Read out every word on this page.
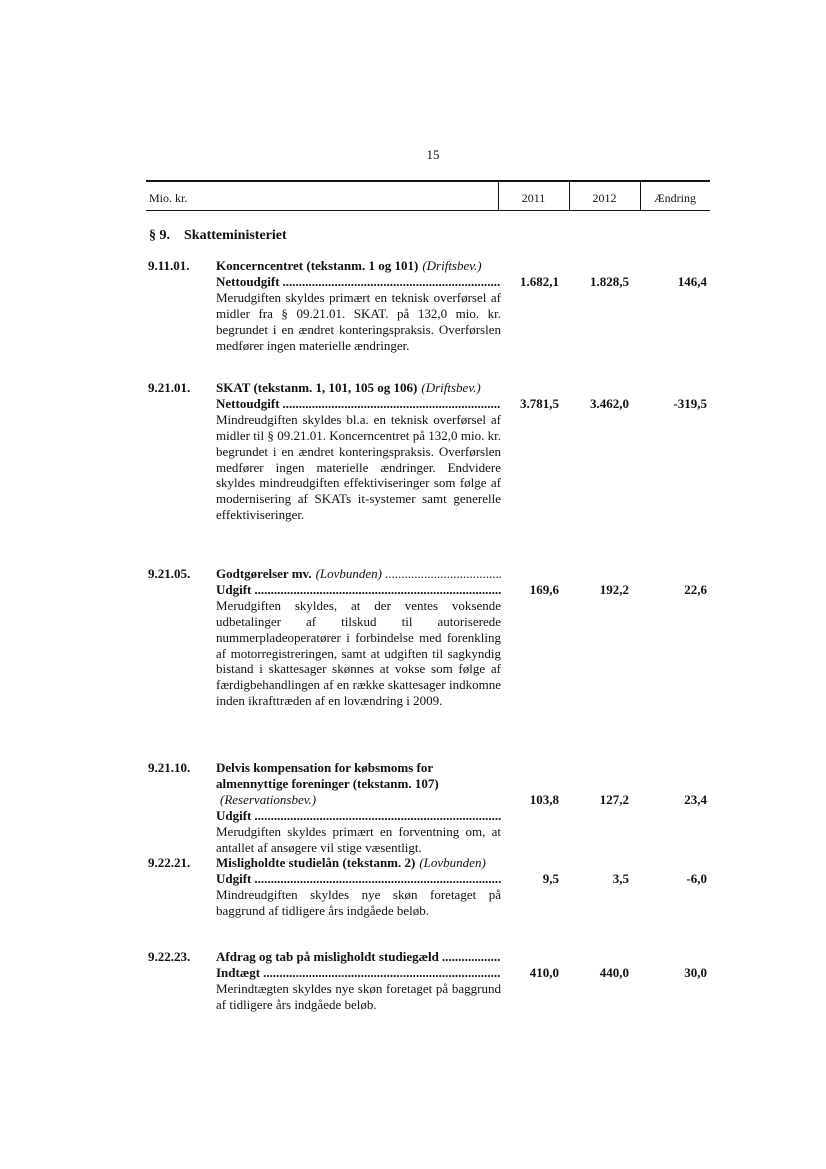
15
Mio. kr.	2011	2012	Ændring
§ 9. Skatteministeriet
9.11.01. Koncerncentret (tekstanm. 1 og 101) (Driftsbev.)
Nettoudgift
.....
Merudgiften skyldes primært en teknisk overførsel af midler fra § 09.21.01. SKAT. på 132,0 mio. kr. begrundet i en ændret konteringspraksis. Overførslen medfører ingen materielle ændringer.
1.682,1	1.828,5	146,4
9.21.01. SKAT (tekstanm. 1, 101, 105 og 106) (Driftsbev.)
Nettoudgift
.....
Mindreudgiften skyldes bl.a. en teknisk overførsel af midler til § 09.21.01. Koncerncentret på 132,0 mio. kr. begrundet i en ændret konteringspraksis. Overførslen medfører ingen materielle ændringer. Endvidere skyldes mindreudgiften effektiviseringer som følge af modernisering af SKATs it-systemer samt generelle effektiviseringer.
3.781,5	3.462,0	-319,5
9.21.05. Godtgørelser mv. (Lovbunden)
.....
Udgift
.....
Merudgiften skyldes, at der ventes voksende udbetalinger af tilskud til autoriserede nummerpladeoperatører i forbindelse med forenkling af motorregistreringen, samt at udgiften til sagkyndig bistand i skattesager skønnes at vokse som følge af færdigbehandlingen af en række skattesager indkomne inden ikrafttræden af en lovændring i 2009.
169,6	192,2	22,6
9.21.10. Delvis kompensation for købsmoms for almennyttige foreninger (tekstanm. 107)(Reservationsbev.)
Udgift
.....
Merudgiften skyldes primært en forventning om, at antallet af ansøgere vil stige væsentligt.
103,8	127,2	23,4
9.22.21. Misligholdte studielån (tekstanm. 2) (Lovbunden)
Udgift
.....
Mindreudgiften skyldes nye skøn foretaget på baggrund af tidligere års indgåede beløb.
9,5	3,5	-6,0
9.22.23. Afdrag og tab på misligholdt studiegæld
.....
Indtægt
.....
Merindtægten skyldes nye skøn foretaget på baggrund af tidligere års indgåede beløb.
410,0	440,0	30,0
